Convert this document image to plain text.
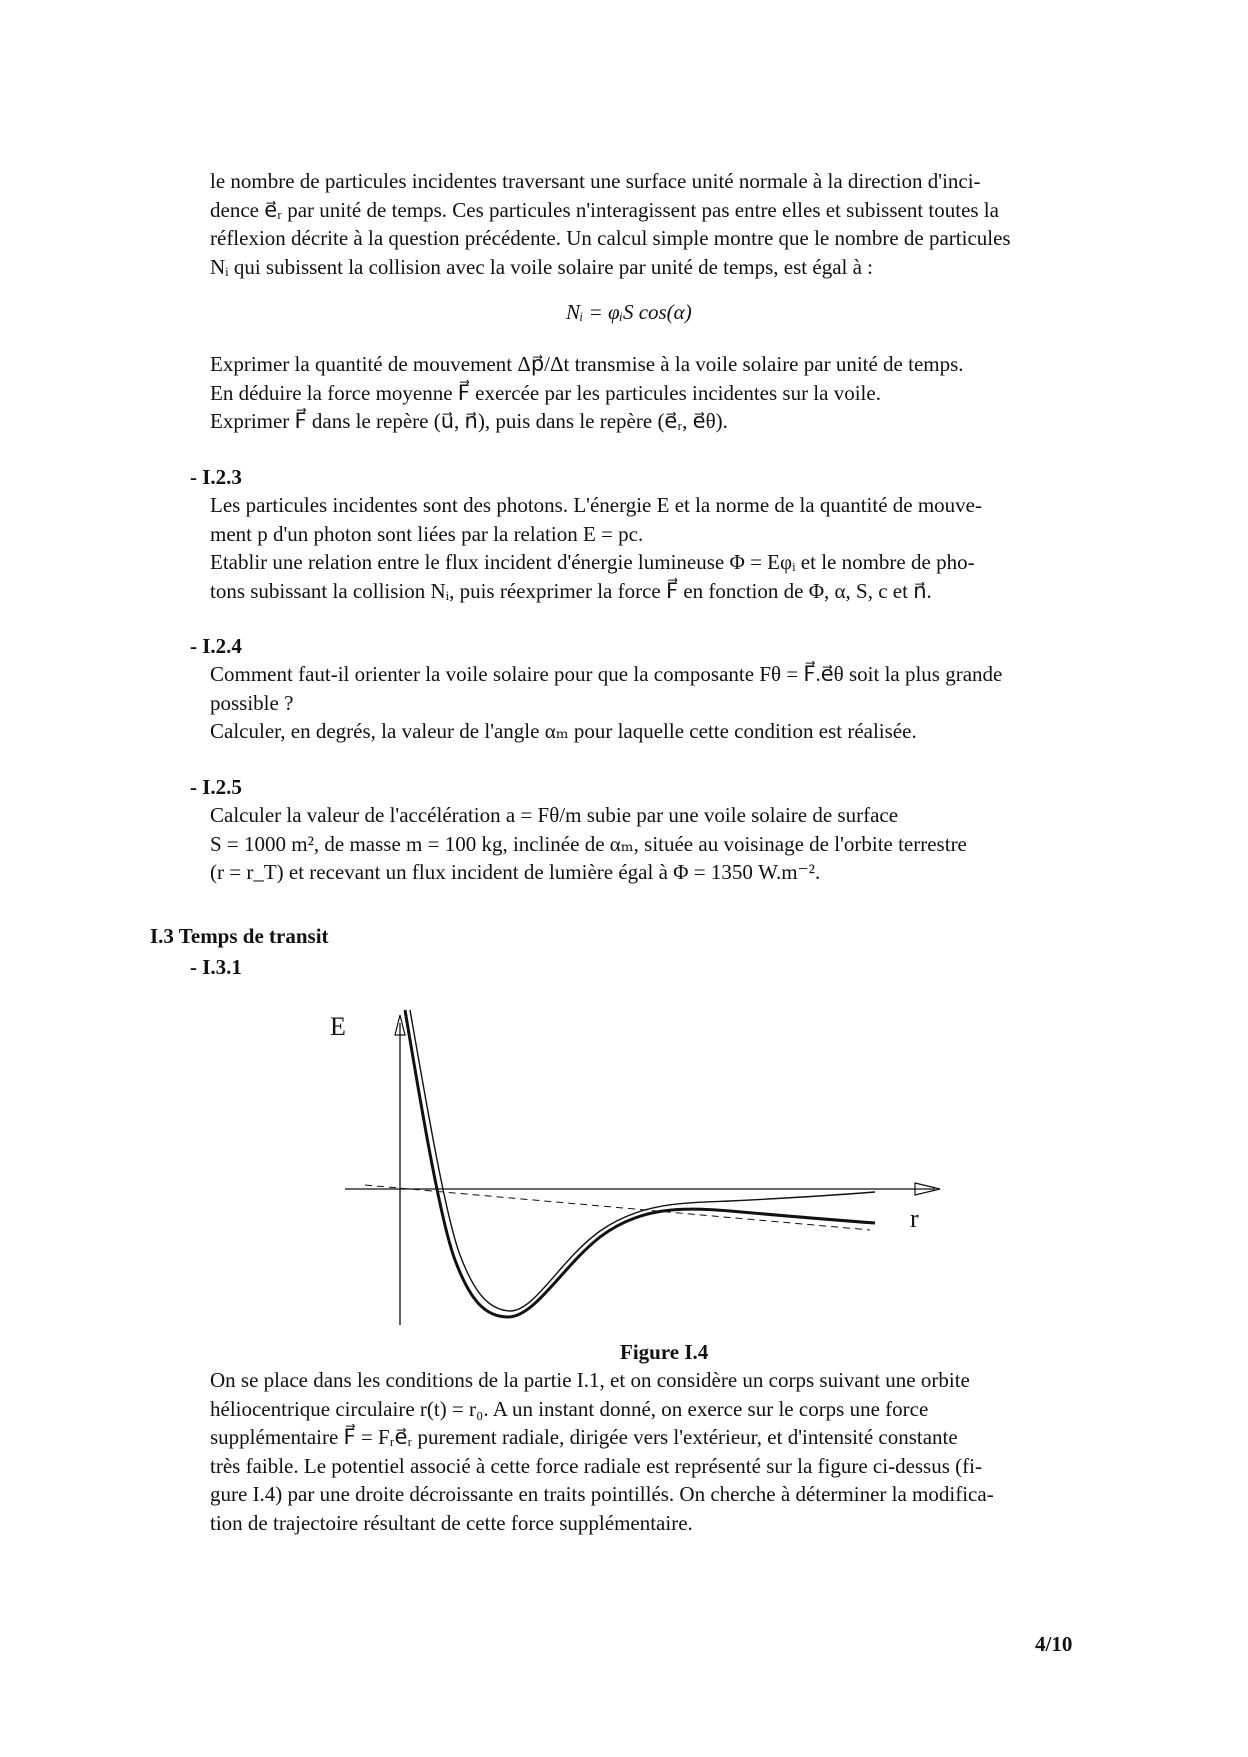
le nombre de particules incidentes traversant une surface unité normale à la direction d'inci-

dence e⃗ᵣ par unité de temps. Ces particules n'interagissent pas entre elles et subissent toutes la

réflexion décrite à la question précédente. Un calcul simple montre que le nombre de particules

Nᵢ qui subissent la collision avec la voile solaire par unité de temps, est égal à :

Nᵢ = φᵢS cos(α)

Exprimer la quantité de mouvement Δp⃗/Δt transmise à la voile solaire par unité de temps.

En déduire la force moyenne F⃗ exercée par les particules incidentes sur la voile.

Exprimer F⃗ dans le repère (u⃗, n⃗), puis dans le repère (e⃗ᵣ, e⃗θ).

- I.2.3

Les particules incidentes sont des photons. L'énergie E et la norme de la quantité de mouve-

ment p d'un photon sont liées par la relation E = pc.

Etablir une relation entre le flux incident d'énergie lumineuse Φ = Eφᵢ et le nombre de pho-

tons subissant la collision Nᵢ, puis réexprimer la force F⃗ en fonction de Φ, α, S, c et n⃗.

- I.2.4

Comment faut-il orienter la voile solaire pour que la composante Fθ = F⃗.e⃗θ soit la plus grande

possible ?

Calculer, en degrés, la valeur de l'angle αₘ pour laquelle cette condition est réalisée.

- I.2.5

Calculer la valeur de l'accélération a = Fθ/m subie par une voile solaire de surface

S = 1000 m², de masse m = 100 kg, inclinée de αₘ, située au voisinage de l'orbite terrestre

(r = r_T) et recevant un flux incident de lumière égal à Φ = 1350 W.m⁻².

I.3 Temps de transit
- I.3.1
E
r
Figure I.4

On se place dans les conditions de la partie I.1, et on considère un corps suivant une orbite

héliocentrique circulaire r(t) = r₀. A un instant donné, on exerce sur le corps une force

supplémentaire F⃗ = Fᵣe⃗ᵣ purement radiale, dirigée vers l'extérieur, et d'intensité constante

très faible. Le potentiel associé à cette force radiale est représenté sur la figure ci-dessus (fi-

gure I.4) par une droite décroissante en traits pointillés. On cherche à déterminer la modifica-

tion de trajectoire résultant de cette force supplémentaire.

4/10
